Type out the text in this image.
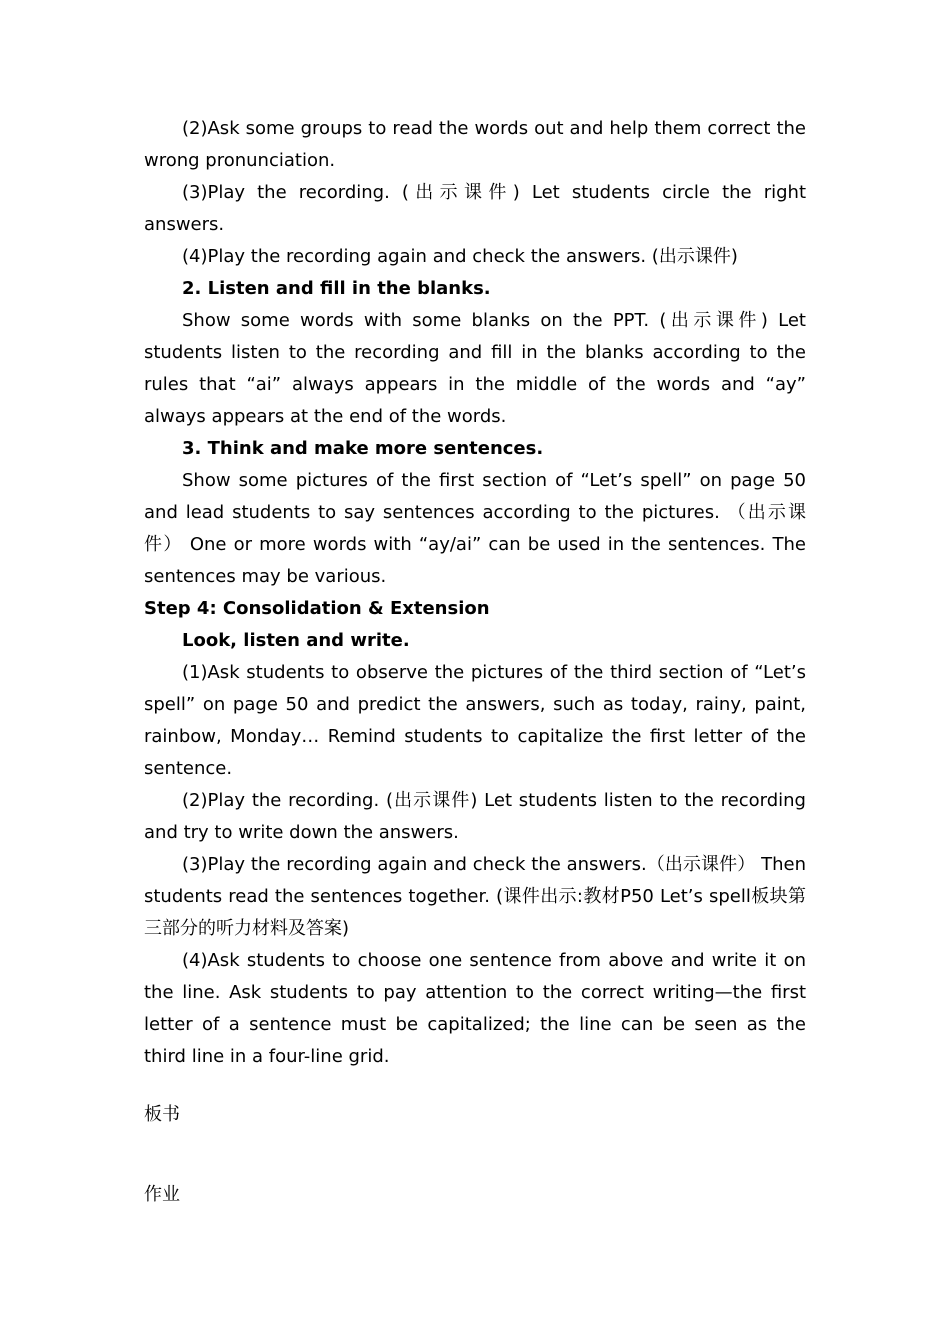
(2)Ask some groups to read the words out and help them correct the wrong pronunciation.

(3)Play the recording. (出示课件) Let students circle the right answers.

(4)Play the recording again and check the answers. (出示课件)

2. Listen and fill in the blanks.

Show some words with some blanks on the PPT. (出示课件) Let students listen to the recording and fill in the blanks according to the rules that “ai” always appears in the middle of the words and “ay” always appears at the end of the words.

3. Think and make more sentences.

Show some pictures of the first section of “Let’s spell” on page 50 and lead students to say sentences according to the pictures. （出示课件） One or more words with “ay/ai” can be used in the sentences. The sentences may be various.

Step 4: Consolidation & Extension

Look, listen and write.

(1)Ask students to observe the pictures of the third section of “Let’s spell” on page 50 and predict the answers, such as today, rainy, paint, rainbow, Monday… Remind students to capitalize the first letter of the sentence.

(2)Play the recording. (出示课件) Let students listen to the recording and try to write down the answers.

(3)Play the recording again and check the answers.（出示课件） Then students read the sentences together. (课件出示:教材P50 Let’s spell板块第三部分的听力材料及答案)

(4)Ask students to choose one sentence from above and write it on the line. Ask students to pay attention to the correct writing—the first letter of a sentence must be capitalized; the line can be seen as the third line in a four-line grid.

板书

作业
